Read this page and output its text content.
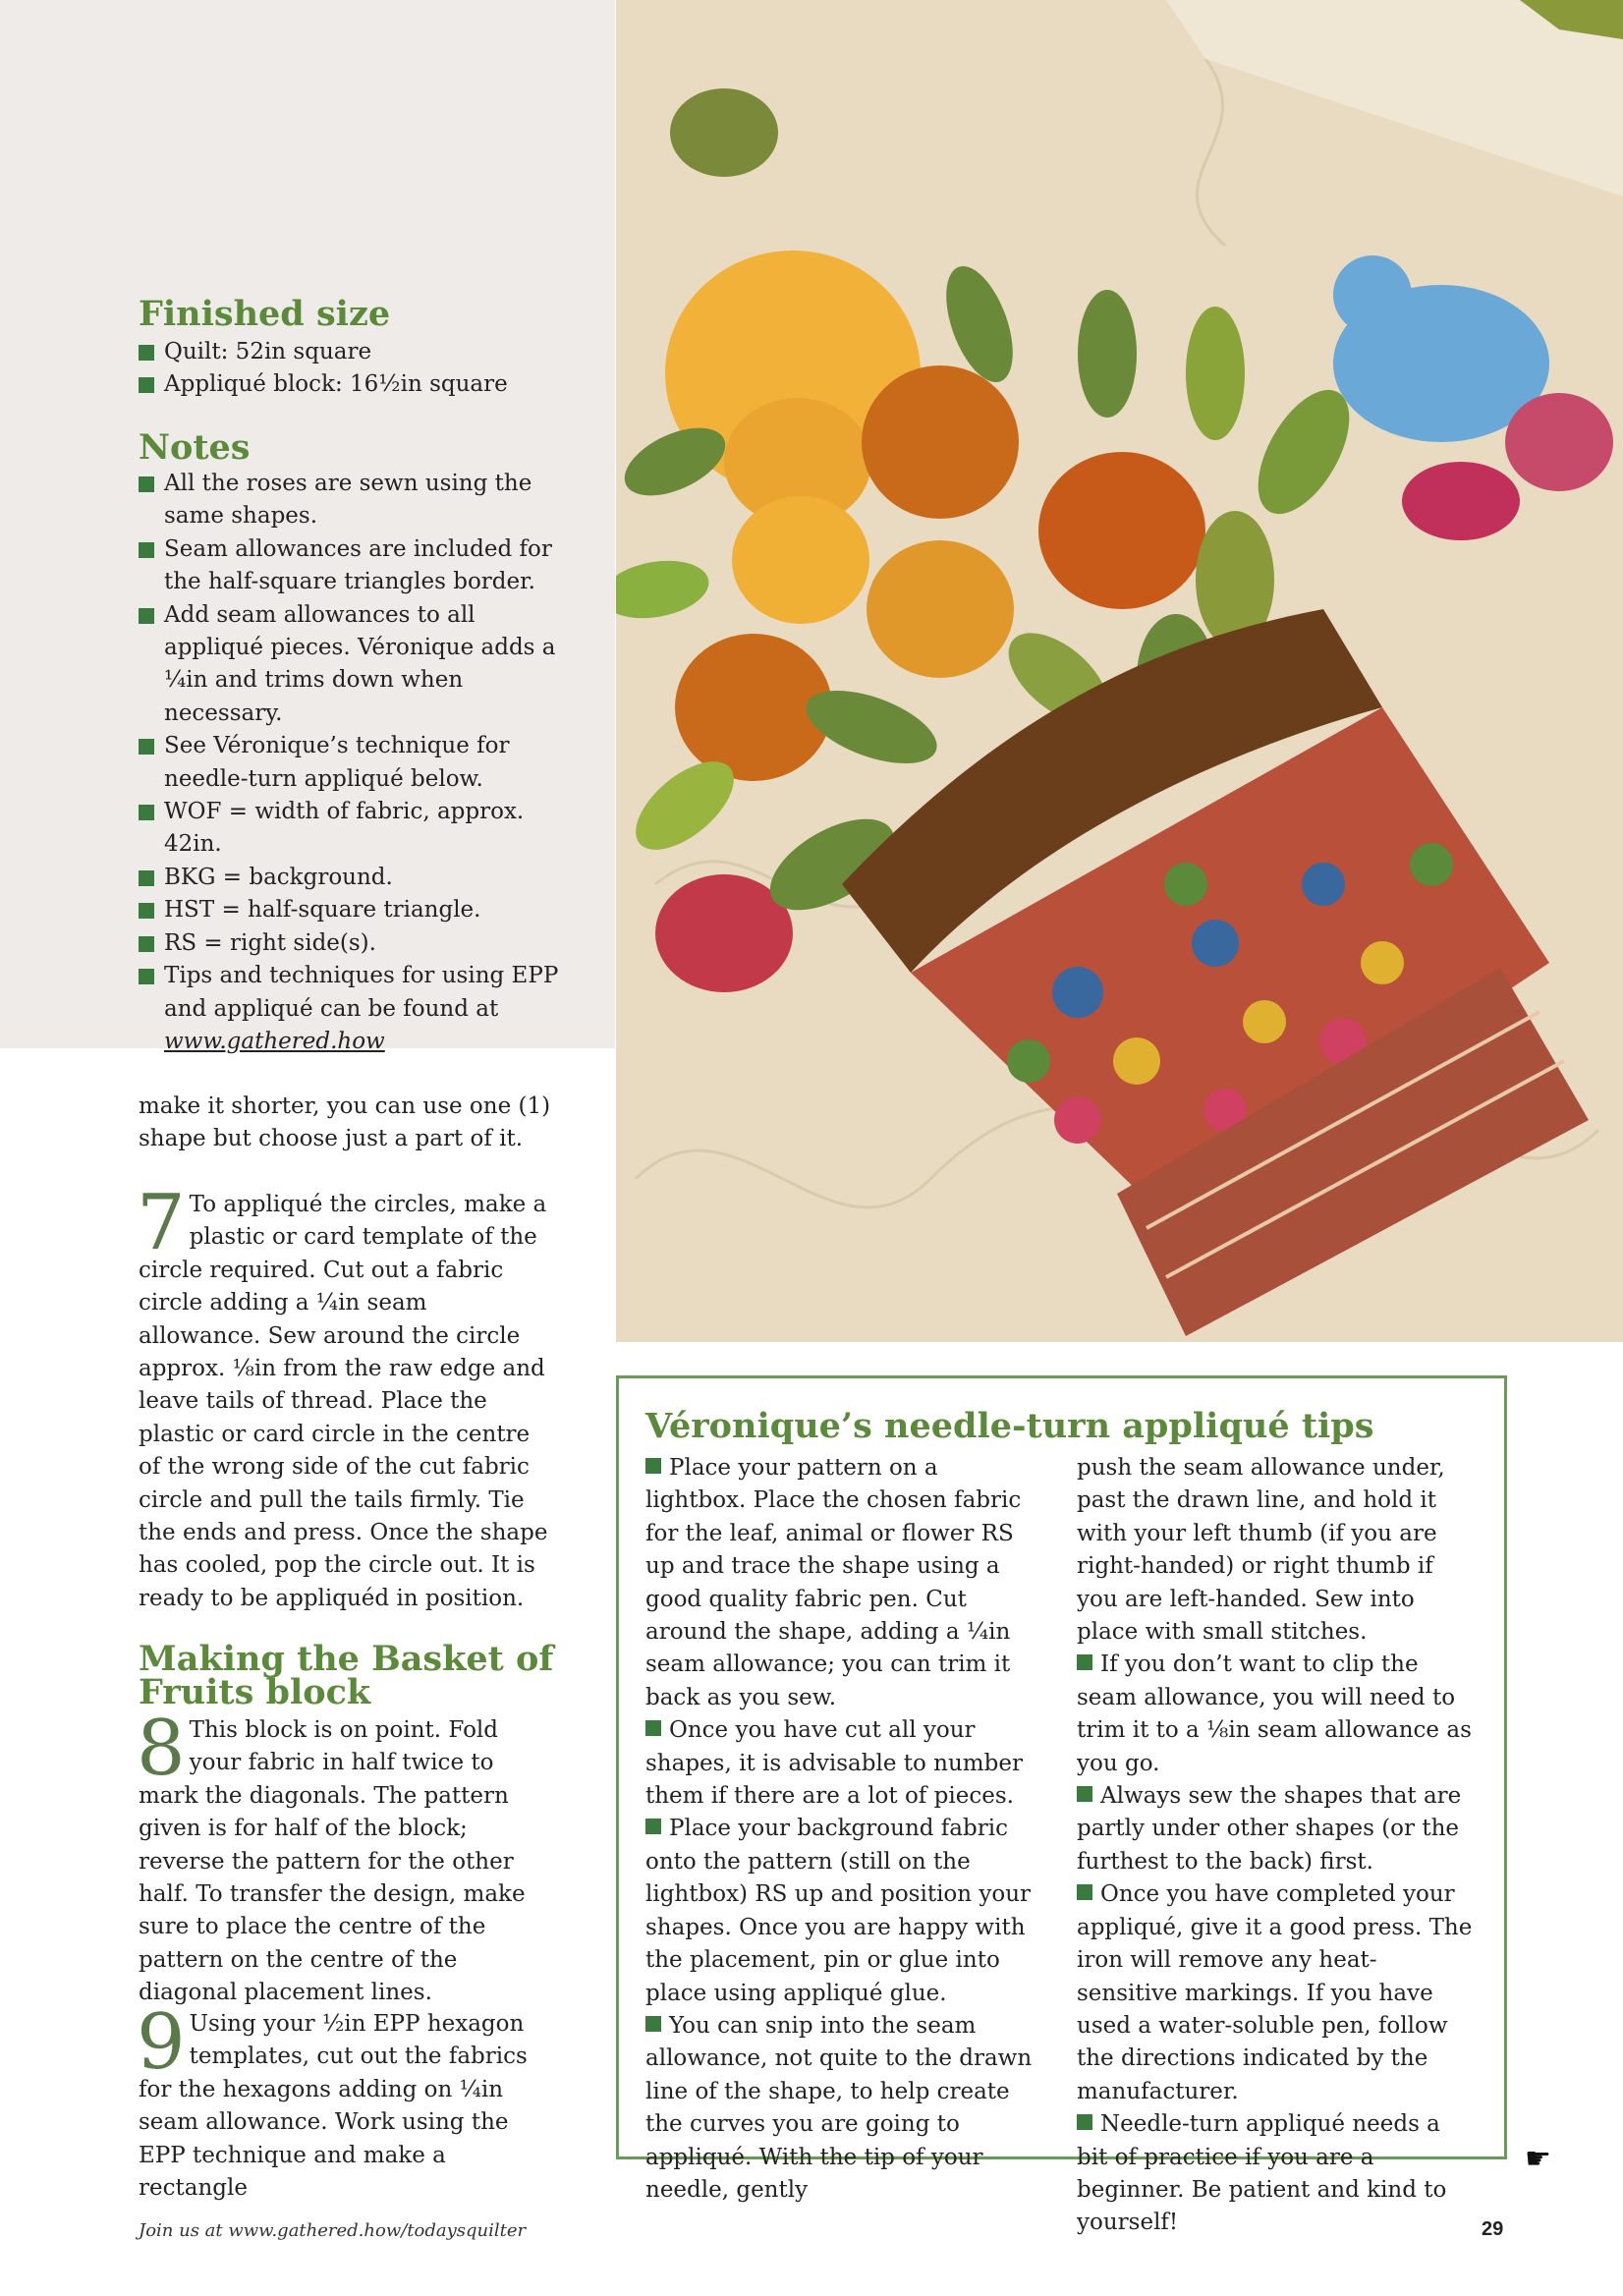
Finished size
Quilt: 52in square
Appliqué block: 16½in square
Notes
All the roses are sewn using the same shapes.
Seam allowances are included for the half-square triangles border.
Add seam allowances to all appliqué pieces. Véronique adds a ¼in and trims down when necessary.
See Véronique’s technique for needle-turn appliqué below.
WOF = width of fabric, approx. 42in.
BKG = background.
HST = half-square triangle.
RS = right side(s).
Tips and techniques for using EPP and appliqué can be found at
www.gathered.how

make it shorter, you can use one (1) shape but choose just a part of it.

7 To appliqué the circles, make a plastic or card template of the circle required. Cut out a fabric circle adding a ¼in seam allowance. Sew around the circle approx. ⅛in from the raw edge and leave tails of thread. Place the plastic or card circle in the centre of the wrong side of the cut fabric circle and pull the tails firmly. Tie the ends and press. Once the shape has cooled, pop the circle out. It is ready to be appliquéd in position.

Making the Basket of Fruits block

8 This block is on point. Fold your fabric in half twice to mark the diagonals. The pattern given is for half of the block; reverse the pattern for the other half. To transfer the design, make sure to place the centre of the pattern on the centre of the diagonal placement lines.

9 Using your ½in EPP hexagon templates, cut out the fabrics for the hexagons adding on ¼in seam allowance. Work using the EPP technique and make a rectangle

Véronique’s needle-turn appliqué tips
Place your pattern on a lightbox. Place the chosen fabric for the leaf, animal or flower RS up and trace the shape using a good quality fabric pen. Cut around the shape, adding a ¼in seam allowance; you can trim it back as you sew.
Once you have cut all your shapes, it is advisable to number them if there are a lot of pieces.
Place your background fabric onto the pattern (still on the lightbox) RS up and position your shapes. Once you are happy with the placement, pin or glue into place using appliqué glue.
You can snip into the seam allowance, not quite to the drawn line of the shape, to help create the curves you are going to appliqué. With the tip of your needle, gently
push the seam allowance under, past the drawn line, and hold it with your left thumb (if you are right-handed) or right thumb if you are left-handed. Sew into place with small stitches.
If you don’t want to clip the seam allowance, you will need to trim it to a ⅛in seam allowance as you go.
Always sew the shapes that are partly under other shapes (or the furthest to the back) first.
Once you have completed your appliqué, give it a good press. The iron will remove any heat-sensitive markings. If you have used a water-soluble pen, follow the directions indicated by the manufacturer.
Needle-turn appliqué needs a bit of practice if you are a beginner. Be patient and kind to yourself!
☛
Join us at www.gathered.how/todaysquilter	29
